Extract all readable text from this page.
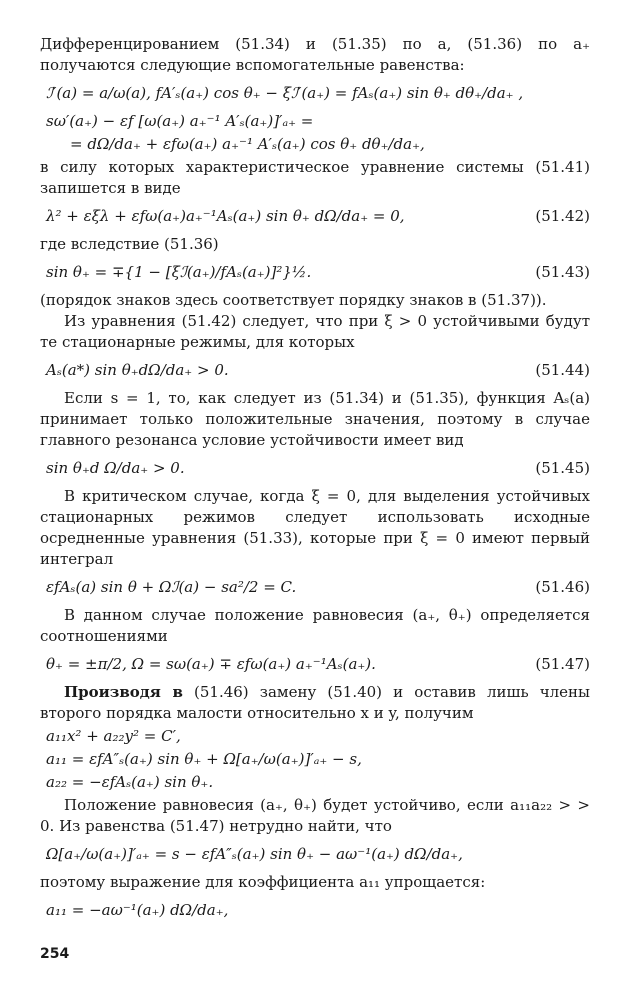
Дифференцированием (51.34) и (51.35) по a, (51.36) по a₊ получаются следующие вспомогательные равенства:

ℐ′(a) = a/ω(a), fA′ₛ(a₊) cos θ₊ − ξℐ′(a₊) = fAₛ(a₊) sin θ₊ dθ₊/da₊ ,
sω′(a₊) − εf [ω(a₊) a₊⁻¹ A′ₛ(a₊)]′ₐ₊ =
= dΩ/da₊ + εfω(a₊) a₊⁻¹ A′ₛ(a₊) cos θ₊ dθ₊/da₊,

в силу которых характеристическое уравнение системы (51.41) запишется в виде

λ² + εξλ + εfω(a₊)a₊⁻¹Aₛ(a₊) sin θ₊ dΩ/da₊ = 0,	(51.42)

где вследствие (51.36)

sin θ₊ = ∓{1 − [ξℐ(a₊)/fAₛ(a₊)]²}½.	(51.43)

(порядок знаков здесь соответствует порядку знаков в (51.37)).

Из уравнения (51.42) следует, что при ξ > 0 устойчивыми будут те стационарные режимы, для которых

Aₛ(a*) sin θ₊dΩ/da₊ > 0.	(51.44)

Если s = 1, то, как следует из (51.34) и (51.35), функция Aₛ(a) принимает только положительные значения, поэтому в случае главного резонанса условие устойчивости имеет вид

sin θ₊d Ω/da₊ > 0.	(51.45)

В критическом случае, когда ξ = 0, для выделения устойчивых стационарных режимов следует использовать исходные осредненные уравнения (51.33), которые при ξ = 0 имеют первый интеграл

εfAₛ(a) sin θ + Ωℐ(a) − sa²/2 = C.	(51.46)

В данном случае положение равновесия (a₊, θ₊) определяется соотношениями

θ₊ = ±π/2, Ω = sω(a₊) ∓ εfω(a₊) a₊⁻¹Aₛ(a₊).	(51.47)

Производя в (51.46) замену (51.40) и оставив лишь члены второго порядка малости относительно x и y, получим

a₁₁x² + a₂₂y² = C′,
a₁₁ = εfA″ₛ(a₊) sin θ₊ + Ω[a₊/ω(a₊)]′ₐ₊ − s,
a₂₂ = −εfAₛ(a₊) sin θ₊.

Положение равновесия (a₊, θ₊) будет устойчиво, если a₁₁a₂₂ > > 0. Из равенства (51.47) нетрудно найти, что

Ω[a₊/ω(a₊)]′ₐ₊ = s − εfA″ₛ(a₊) sin θ₊ − aω⁻¹(a₊) dΩ/da₊,

поэтому выражение для коэффициента a₁₁ упрощается:

a₁₁ = −aω⁻¹(a₊) dΩ/da₊,
254
